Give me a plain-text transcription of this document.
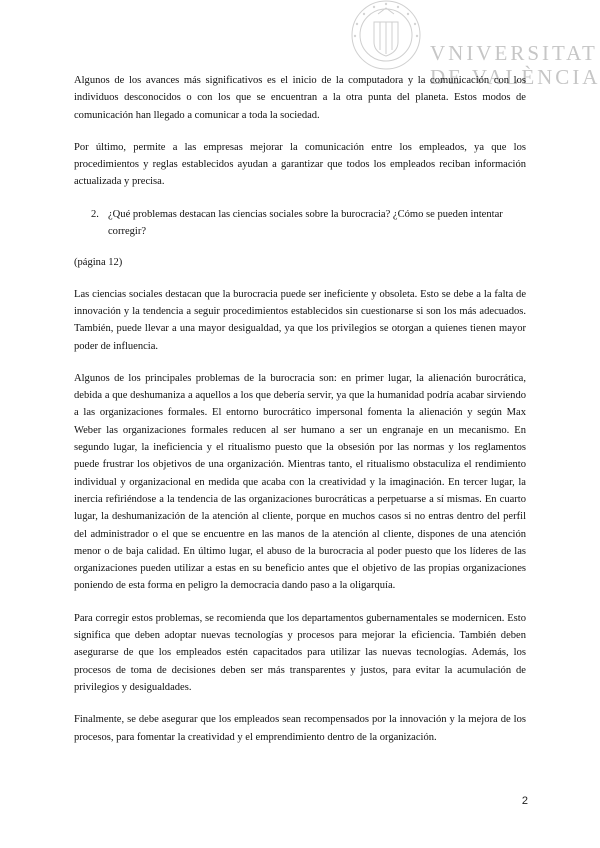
VNIVERSITAT
DE VALÈNCIA

Algunos de los avances más significativos es el inicio de la computadora y la comunicación con los individuos desconocidos o con los que se encuentran a la otra punta del planeta. Estos modos de comunicación han llegado a comunicar a toda la sociedad.

Por último, permite a las empresas mejorar la comunicación entre los empleados, ya que los procedimientos y reglas establecidos ayudan a garantizar que todos los empleados reciban información actualizada y precisa.

2. ¿Qué problemas destacan las ciencias sociales sobre la burocracia? ¿Cómo se pueden intentar corregir?

(página 12)

Las ciencias sociales destacan que la burocracia puede ser ineficiente y obsoleta. Esto se debe a la falta de innovación y la tendencia a seguir procedimientos establecidos sin cuestionarse si son los más adecuados. También, puede llevar a una mayor desigualdad, ya que los privilegios se otorgan a quienes tienen mayor poder de influencia.

Algunos de los principales problemas de la burocracia son: en primer lugar, la alienación burocrática, debida a que deshumaniza a aquellos a los que debería servir, ya que la humanidad podría acabar sirviendo a las organizaciones formales. El entorno burocrático impersonal fomenta la alienación y según Max Weber las organizaciones formales reducen al ser humano a ser un engranaje en un mecanismo. En segundo lugar, la ineficiencia y el ritualismo puesto que la obsesión por las normas y los reglamentos puede frustrar los objetivos de una organización. Mientras tanto, el ritualismo obstaculiza el rendimiento individual y organizacional en medida que acaba con la creatividad y la imaginación. En tercer lugar, la inercia refiriéndose a la tendencia de las organizaciones burocráticas a perpetuarse a sí mismas. En cuarto lugar, la deshumanización de la atención al cliente, porque en muchos casos si no entras dentro del perfil del administrador o el que se encuentre en las manos de la atención al cliente, dispones de una atención menor o de baja calidad. En último lugar, el abuso de la burocracia al poder puesto que los líderes de las organizaciones pueden utilizar a estas en su beneficio antes que el objetivo de las propias organizaciones poniendo de esta forma en peligro la democracia dando paso a la oligarquía.

Para corregir estos problemas, se recomienda que los departamentos gubernamentales se modernicen. Esto significa que deben adoptar nuevas tecnologías y procesos para mejorar la eficiencia. También deben asegurarse de que los empleados estén capacitados para utilizar las nuevas tecnologías. Además, los procesos de toma de decisiones deben ser más transparentes y justos, para evitar la acumulación de privilegios y desigualdades.

Finalmente, se debe asegurar que los empleados sean recompensados por la innovación y la mejora de los procesos, para fomentar la creatividad y el emprendimiento dentro de la organización.

2
